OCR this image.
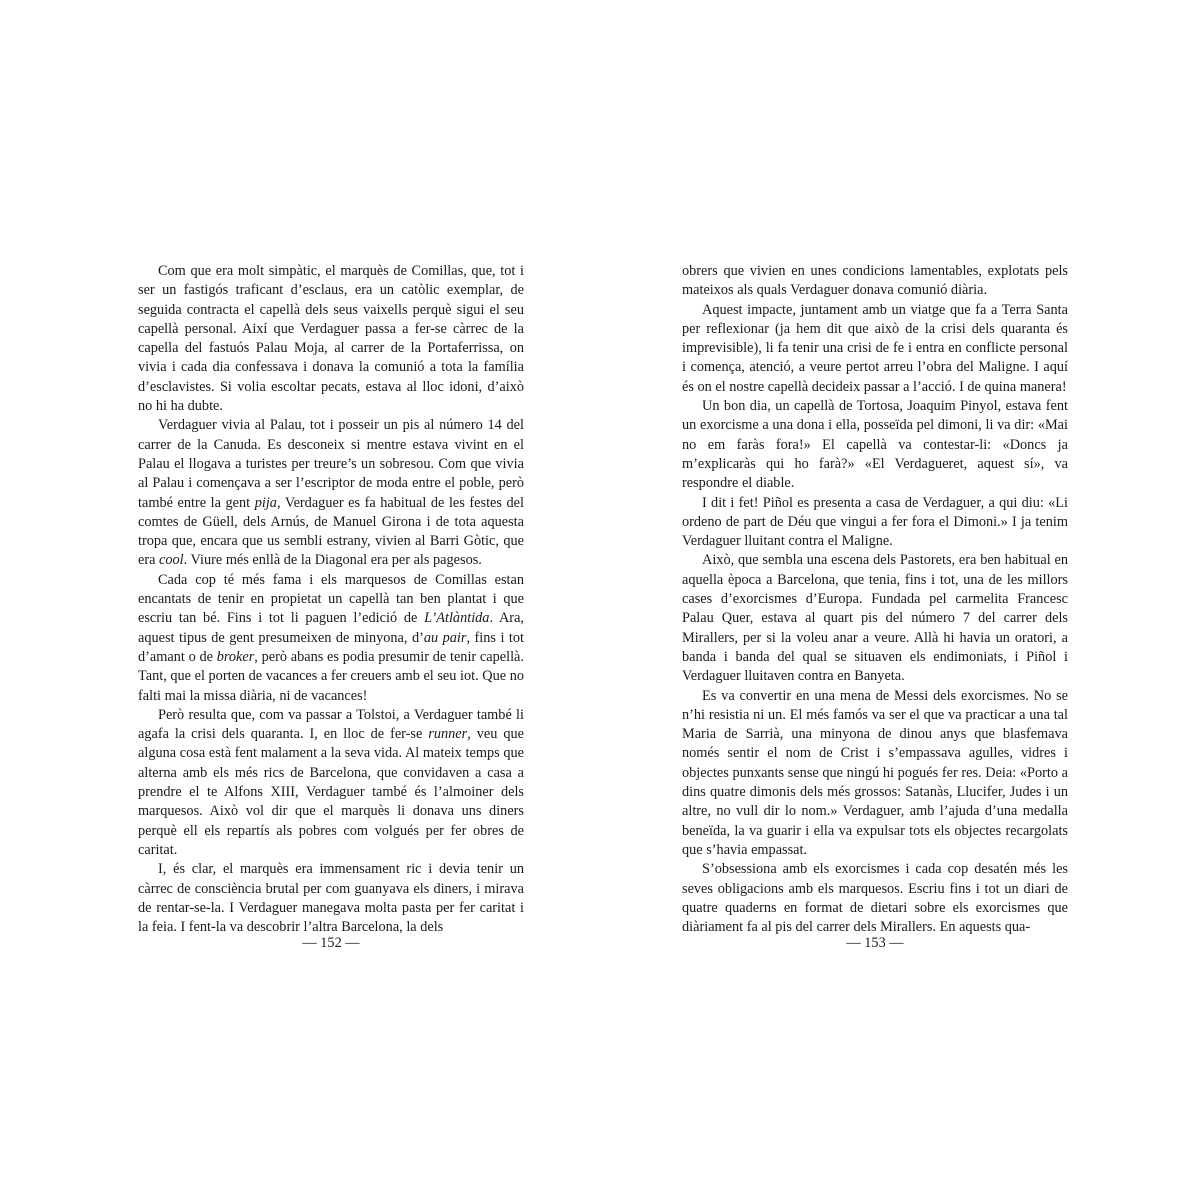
Com que era molt simpàtic, el marquès de Comillas, que, tot i ser un fastigós traficant d’esclaus, era un catòlic exemplar, de seguida contracta el capellà dels seus vaixells perquè sigui el seu capellà personal. Així que Verdaguer passa a fer-se càrrec de la capella del fastuós Palau Moja, al carrer de la Portaferrissa, on vivia i cada dia confessava i donava la comunió a tota la família d’esclavistes. Si volia escoltar pecats, estava al lloc idoni, d’això no hi ha dubte.

Verdaguer vivia al Palau, tot i posseir un pis al número 14 del carrer de la Canuda. Es desconeix si mentre estava vivint en el Palau el llogava a turistes per treure’s un sobresou. Com que vivia al Palau i començava a ser l’escriptor de moda entre el poble, però també entre la gent pija, Verdaguer es fa habitual de les festes del comtes de Güell, dels Arnús, de Manuel Girona i de tota aquesta tropa que, encara que us sembli estrany, vivien al Barri Gòtic, que era cool. Viure més enllà de la Diagonal era per als pagesos.

Cada cop té més fama i els marquesos de Comillas estan encantats de tenir en propietat un capellà tan ben plantat i que escriu tan bé. Fins i tot li paguen l’edició de L’Atlàntida. Ara, aquest tipus de gent presumeixen de minyona, d’au pair, fins i tot d’amant o de broker, però abans es podia presumir de tenir capellà. Tant, que el porten de vacances a fer creuers amb el seu iot. Que no falti mai la missa diària, ni de vacances!

Però resulta que, com va passar a Tolstoi, a Verdaguer també li agafa la crisi dels quaranta. I, en lloc de fer-se runner, veu que alguna cosa està fent malament a la seva vida. Al mateix temps que alterna amb els més rics de Barcelona, que convidaven a casa a prendre el te Alfons XIII, Verdaguer també és l’almoiner dels marquesos. Això vol dir que el marquès li donava uns diners perquè ell els repartís als pobres com volgués per fer obres de caritat.

I, és clar, el marquès era immensament ric i devia tenir un càrrec de consciència brutal per com guanyava els diners, i mirava de rentar-se-la. I Verdaguer manegava molta pasta per fer caritat i la feia. I fent-la va descobrir l’altra Barcelona, la dels

— 152 —

obrers que vivien en unes condicions lamentables, explotats pels mateixos als quals Verdaguer donava comunió diària.

Aquest impacte, juntament amb un viatge que fa a Terra Santa per reflexionar (ja hem dit que això de la crisi dels quaranta és imprevisible), li fa tenir una crisi de fe i entra en conflicte personal i comença, atenció, a veure pertot arreu l’obra del Maligne. I aquí és on el nostre capellà decideix passar a l’acció. I de quina manera!

Un bon dia, un capellà de Tortosa, Joaquim Pinyol, estava fent un exorcisme a una dona i ella, posseïda pel dimoni, li va dir: «Mai no em faràs fora!» El capellà va contestar-li: «Doncs ja m’explicaràs qui ho farà?» «El Verdagueret, aquest sí», va respondre el diable.

I dit i fet! Piñol es presenta a casa de Verdaguer, a qui diu: «Li ordeno de part de Déu que vingui a fer fora el Dimoni.» I ja tenim Verdaguer lluitant contra el Maligne.

Això, que sembla una escena dels Pastorets, era ben habitual en aquella època a Barcelona, que tenia, fins i tot, una de les millors cases d’exorcismes d’Europa. Fundada pel carmelita Francesc Palau Quer, estava al quart pis del número 7 del carrer dels Mirallers, per si la voleu anar a veure. Allà hi havia un oratori, a banda i banda del qual se situaven els endimoniats, i Piñol i Verdaguer lluitaven contra en Banyeta.

Es va convertir en una mena de Messi dels exorcismes. No se n’hi resistia ni un. El més famós va ser el que va practicar a una tal Maria de Sarrià, una minyona de dinou anys que blasfemava només sentir el nom de Crist i s’empassava agulles, vidres i objectes punxants sense que ningú hi pogués fer res. Deia: «Porto a dins quatre dimonis dels més grossos: Satanàs, Llucifer, Judes i un altre, no vull dir lo nom.» Verdaguer, amb l’ajuda d’una medalla beneïda, la va guarir i ella va expulsar tots els objectes recargolats que s’havia empassat.

S’obsessiona amb els exorcismes i cada cop desatén més les seves obligacions amb els marquesos. Escriu fins i tot un diari de quatre quaderns en format de dietari sobre els exorcismes que diàriament fa al pis del carrer dels Mirallers. En aquests qua-

— 153 —
